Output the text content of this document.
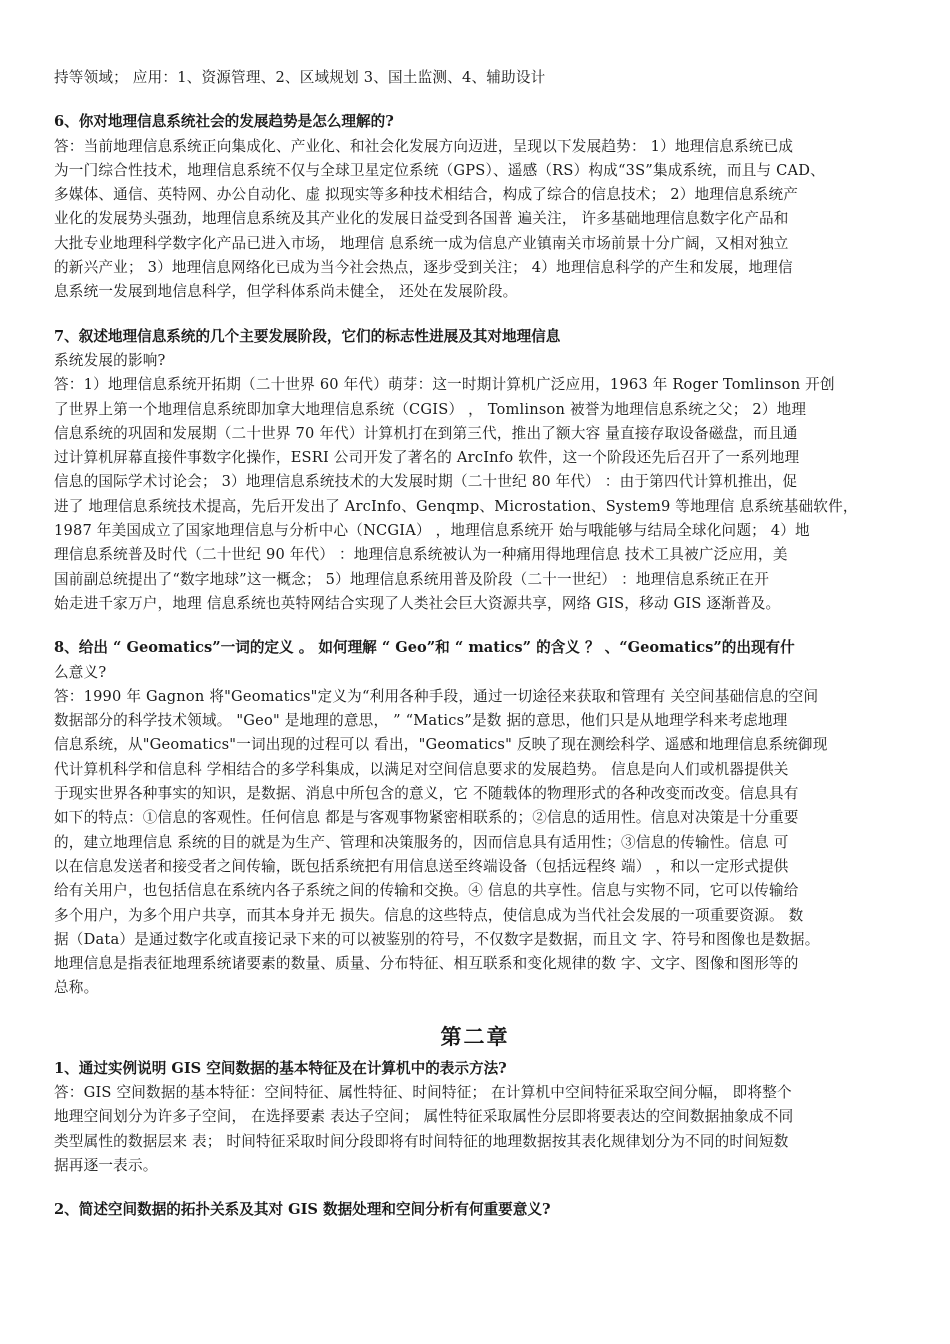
持等领域； 应用：1、资源管理、2、区域规划 3、国土监测、4、辅助设计
6、你对地理信息系统社会的发展趋势是怎么理解的?
答：当前地理信息系统正向集成化、产业化、和社会化发展方向迈进，呈现以下发展趋势： 1）地理信息系统已成
为一门综合性技术，地理信息系统不仅与全球卫星定位系统（GPS）、遥感（RS）构成“3S”集成系统，而且与 CAD、
多媒体、通信、英特网、办公自动化、虚 拟现实等多种技术相结合，构成了综合的信息技术； 2）地理信息系统产
业化的发展势头强劲，地理信息系统及其产业化的发展日益受到各国普 遍关注， 许多基础地理信息数字化产品和
大批专业地理科学数字化产品已进入市场， 地理信 息系统一成为信息产业镇南关市场前景十分广阔，又相对独立
的新兴产业； 3）地理信息网络化已成为当今社会热点，逐步受到关注； 4）地理信息科学的产生和发展，地理信
息系统一发展到地信息科学，但学科体系尚未健全， 还处在发展阶段。
7、叙述地理信息系统的几个主要发展阶段，它们的标志性进展及其对地理信息
系统发展的影响?
答：1）地理信息系统开拓期（二十世界 60 年代）萌芽：这一时期计算机广泛应用，1963 年 Roger Tomlinson 开创
了世界上第一个地理信息系统即加拿大地理信息系统（CGIS） ， Tomlinson 被誉为地理信息系统之父； 2）地理
信息系统的巩固和发展期（二十世界 70 年代）计算机打在到第三代，推出了额大容 量直接存取设备磁盘，而且通
过计算机屏幕直接件事数字化操作，ESRI 公司开发了著名的 ArcInfo 软件，这一个阶段还先后召开了一系列地理
信息的国际学术讨论会； 3）地理信息系统技术的大发展时期（二十世纪 80 年代） ：由于第四代计算机推出，促
进了 地理信息系统技术提高，先后开发出了 ArcInfo、Genqmp、Microstation、System9 等地理信 息系统基础软件，
1987 年美国成立了国家地理信息与分析中心（NCGIA） ，地理信息系统开 始与哦能够与结局全球化问题； 4）地
理信息系统普及时代（二十世纪 90 年代） ：地理信息系统被认为一种痛用得地理信息 技术工具被广泛应用，美
国前副总统提出了“数字地球”这一概念； 5）地理信息系统用普及阶段（二十一世纪） ：地理信息系统正在开
始走进千家万户，地理 信息系统也英特网结合实现了人类社会巨大资源共享，网络 GIS，移动 GIS 逐渐普及。
8、给出 “ Geomatics”一词的定义 。 如何理解 “ Geo”和 “ matics” 的含义 ？ 、“Geomatics”的出现有什
么意义?
答：1990 年 Gagnon 将"Geomatics"定义为“利用各种手段，通过一切途径来获取和管理有 关空间基础信息的空间
数据部分的科学技术领域。 "Geo" 是地理的意思， ” “Matics”是数 据的意思，他们只是从地理学科来考虑地理
信息系统，从"Geomatics"一词出现的过程可以 看出，"Geomatics" 反映了现在测绘科学、遥感和地理信息系统御现
代计算机科学和信息科 学相结合的多学科集成，以满足对空间信息要求的发展趋势。 信息是向人们或机器提供关
于现实世界各种事实的知识，是数据、消息中所包含的意义，它 不随载体的物理形式的各种改变而改变。信息具有
如下的特点：①信息的客观性。任何信息 都是与客观事物紧密相联系的；②信息的适用性。信息对决策是十分重要
的，建立地理信息 系统的目的就是为生产、管理和决策服务的，因而信息具有适用性；③信息的传输性。信息 可
以在信息发送者和接受者之间传输，既包括系统把有用信息送至终端设备（包括远程终 端） ，和以一定形式提供
给有关用户，也包括信息在系统内各子系统之间的传输和交换。④ 信息的共享性。信息与实物不同，它可以传输给
多个用户，为多个用户共享，而其本身并无 损失。信息的这些特点，使信息成为当代社会发展的一项重要资源。 数
据（Data）是通过数字化或直接记录下来的可以被鉴别的符号，不仅数字是数据，而且文 字、符号和图像也是数据。
地理信息是指表征地理系统诸要素的数量、质量、分布特征、相互联系和变化规律的数 字、文字、图像和图形等的
总称。
第二章
1、通过实例说明 GIS 空间数据的基本特征及在计算机中的表示方法?
答：GIS 空间数据的基本特征：空间特征、属性特征、时间特征； 在计算机中空间特征采取空间分幅， 即将整个
地理空间划分为许多子空间， 在选择要素 表达子空间； 属性特征采取属性分层即将要表达的空间数据抽象成不同
类型属性的数据层来 表； 时间特征采取时间分段即将有时间特征的地理数据按其表化规律划分为不同的时间短数
据再逐一表示。
2、简述空间数据的拓扑关系及其对 GIS 数据处理和空间分析有何重要意义?
